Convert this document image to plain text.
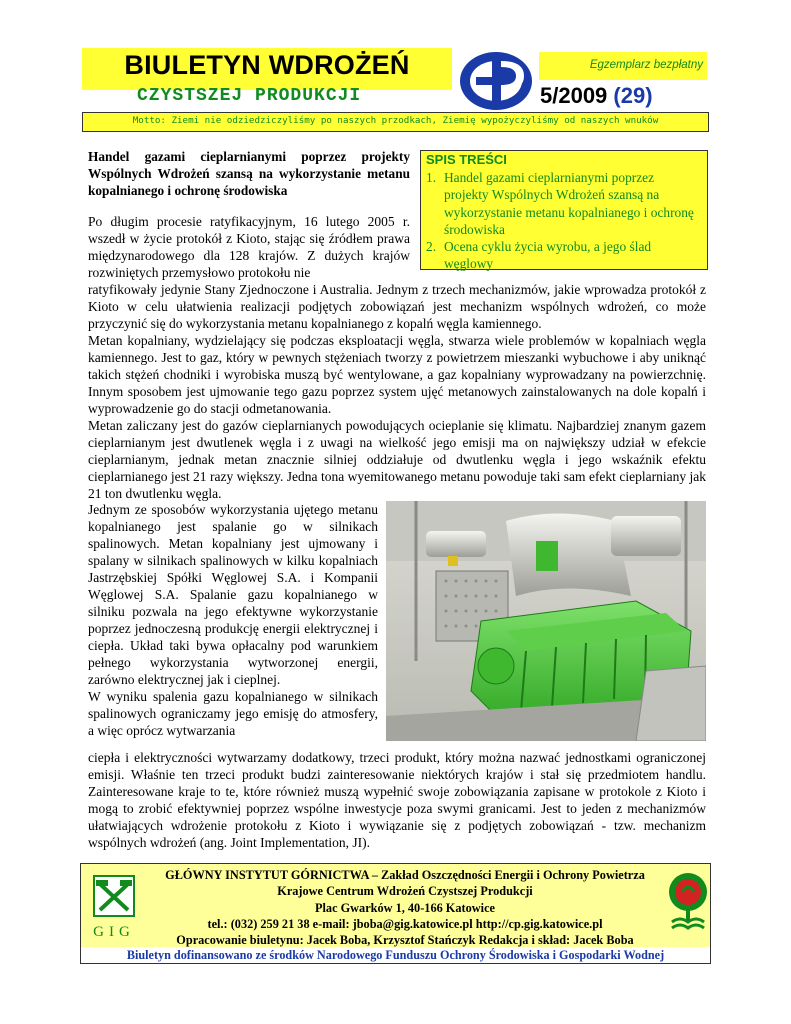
BIULETYN WDROŻEŃ
CZYSTSZEJ PRODUKCJI
Egzemplarz bezpłatny
5/2009 (29)
Motto: Ziemi nie odziedziczyliśmy po naszych przodkach, Ziemię wypożyczyliśmy od naszych wnuków
Handel gazami cieplarnianymi poprzez projekty Wspólnych Wdrożeń szansą na wykorzystanie metanu kopalnianego i ochronę środowiska
SPIS TREŚCI
1. Handel gazami cieplarnianymi poprzez projekty Wspólnych Wdrożeń szansą na wykorzystanie metanu kopalnianego i ochronę środowiska
2. Ocena cyklu życia wyrobu, a jego ślad węglowy
Po długim procesie ratyfikacyjnym, 16 lutego 2005 r. wszedł w życie protokół z Kioto, stając się źródłem prawa międzynarodowego dla 128 krajów. Z dużych krajów rozwiniętych przemysłowo protokołu nie
ratyfikowały jedynie Stany Zjednoczone i Australia. Jednym z trzech mechanizmów, jakie wprowadza protokół z Kioto w celu ułatwienia realizacji podjętych zobowiązań jest mechanizm wspólnych wdrożeń, co może przyczynić się do wykorzystania metanu kopalnianego z kopalń węgla kamiennego.
Metan kopalniany, wydzielający się podczas eksploatacji węgla, stwarza wiele problemów w kopalniach węgla kamiennego. Jest to gaz, który w pewnych stężeniach tworzy z powietrzem mieszanki wybuchowe i aby uniknąć takich stężeń chodniki i wyrobiska muszą być wentylowane, a gaz kopalniany wyprowadzany na powierzchnię. Innym sposobem jest ujmowanie tego gazu poprzez system ujęć metanowych zainstalowanych na dole kopalń i wyprowadzenie go do stacji odmetanowania.
Metan zaliczany jest do gazów cieplarnianych powodujących ocieplanie się klimatu. Najbardziej znanym gazem cieplarnianym jest dwutlenek węgla i z uwagi na wielkość jego emisji ma on największy udział w efekcie cieplarnianym, jednak metan znacznie silniej oddziałuje od dwutlenku węgla i jego wskaźnik efektu cieplarnianego jest 21 razy większy. Jedna tona wyemitowanego metanu powoduje taki sam efekt cieplarniany jak 21 ton dwutlenku węgla.
Jednym ze sposobów wykorzystania ujętego metanu kopalnianego jest spalanie go w silnikach spalinowych. Metan kopalniany jest ujmowany i spalany w silnikach spalinowych w kilku kopalniach Jastrzębskiej Spółki Węglowej S.A. i Kompanii Węglowej S.A. Spalanie gazu kopalnianego w silniku pozwala na jego efektywne wykorzystanie poprzez jednoczesną produkcję energii elektrycznej i ciepła. Układ taki bywa opłacalny pod warunkiem pełnego wykorzystania wytworzonej energii, zarówno elektrycznej jak i cieplnej.
W wyniku spalenia gazu kopalnianego w silnikach spalinowych ograniczamy jego emisję do atmosfery, a więc oprócz wytwarzania
ciepła i elektryczności wytwarzamy dodatkowy, trzeci produkt, który można nazwać jednostkami ograniczonej emisji. Właśnie ten trzeci produkt budzi zainteresowanie niektórych krajów i stał się przedmiotem handlu. Zainteresowane kraje to te, które również muszą wypełnić swoje zobowiązania zapisane w protokole z Kioto i mogą to zrobić efektywniej poprzez wspólne inwestycje poza swymi granicami. Jest to jeden z mechanizmów ułatwiających wdrożenie protokołu z Kioto i wywiązanie się z podjętych zobowiązań - tzw. mechanizm wspólnych wdrożeń (ang. Joint Implementation, JI).
GIG
GŁÓWNY INSTYTUT GÓRNICTWA – Zakład Oszczędności Energii i Ochrony Powietrza
Krajowe Centrum Wdrożeń Czystszej Produkcji
Plac Gwarków 1, 40-166 Katowice
tel.: (032) 259 21 38 e-mail: jboba@gig.katowice.pl http://cp.gig.katowice.pl
Opracowanie biuletynu: Jacek Boba, Krzysztof Stańczyk Redakcja i skład: Jacek Boba
Biuletyn dofinansowano ze środków Narodowego Funduszu Ochrony Środowiska i Gospodarki Wodnej
